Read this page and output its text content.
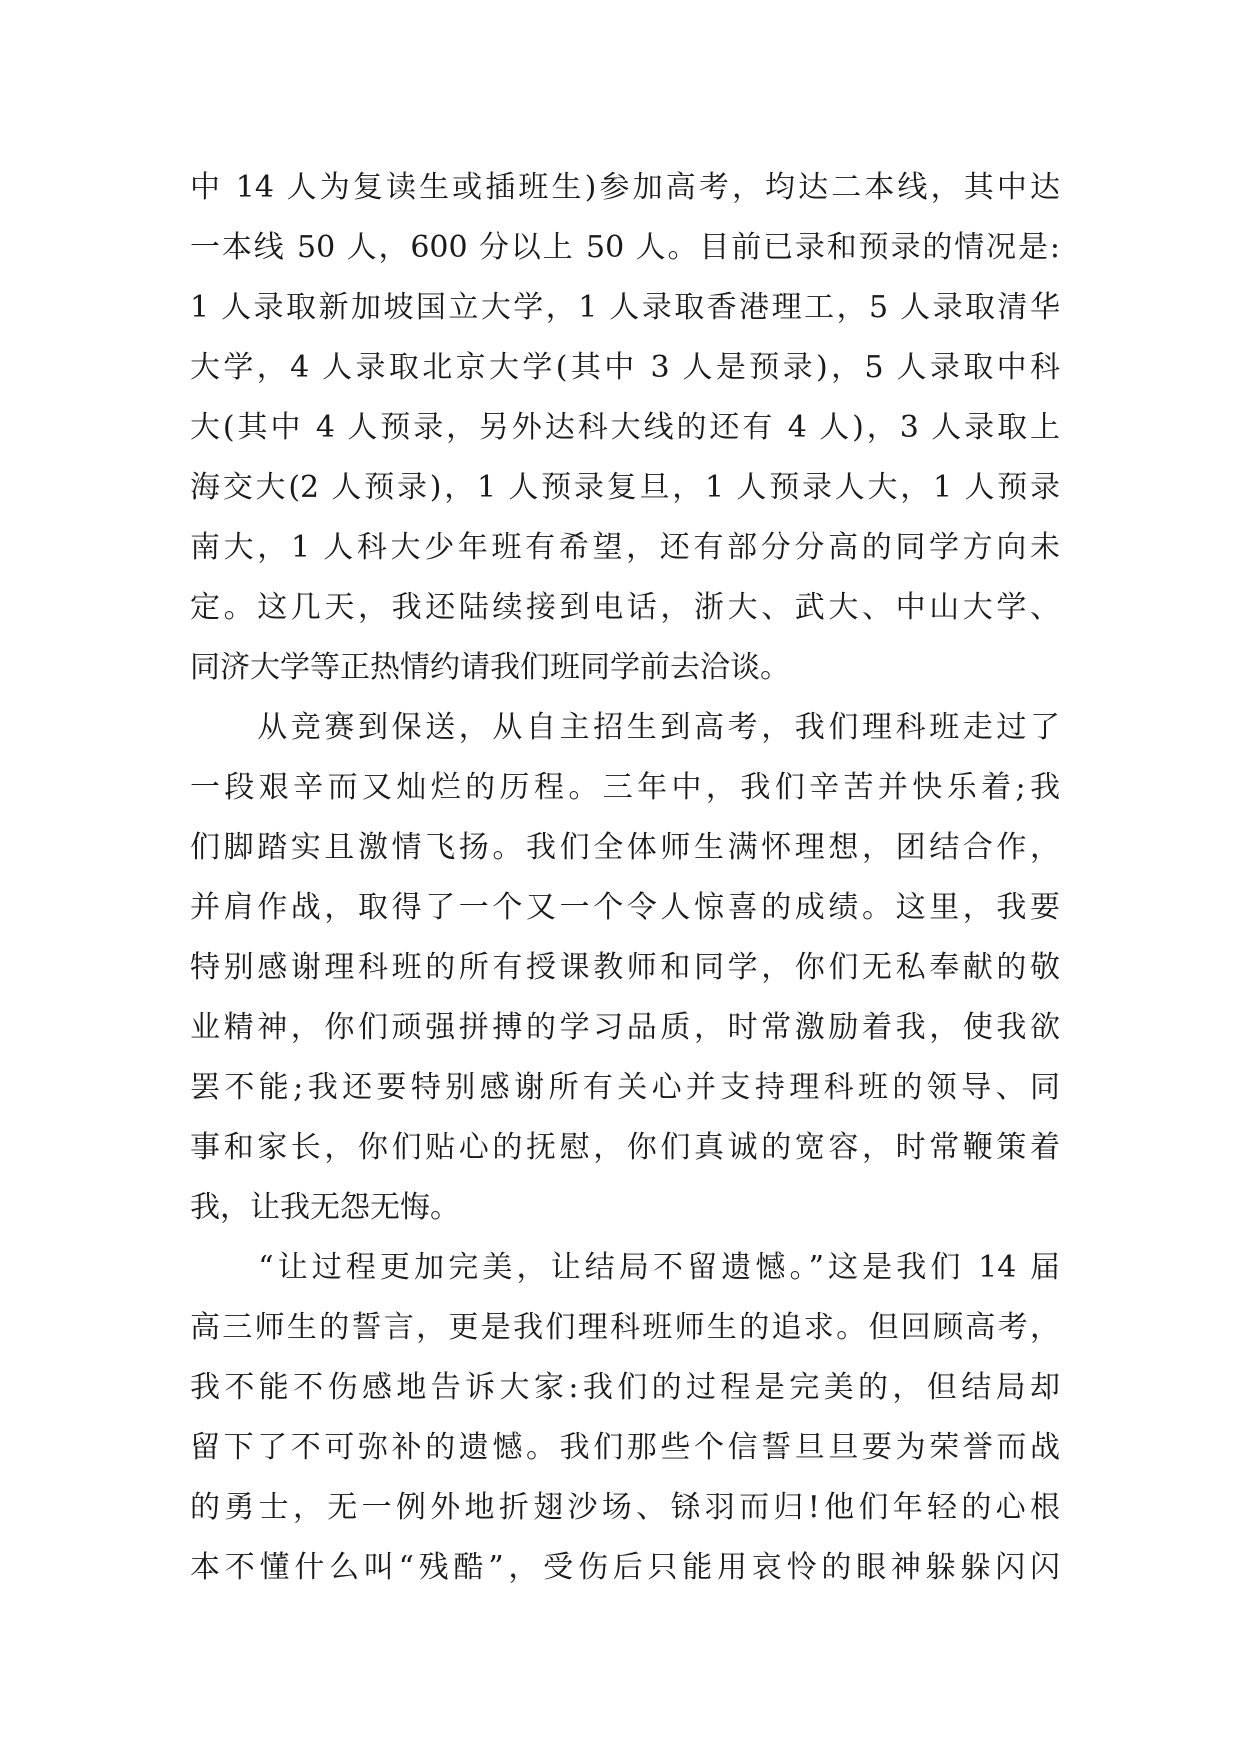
中 14 人为复读生或插班生)参加高考，均达二本线，其中达
一本线 50 人，600 分以上 50 人。目前已录和预录的情况是:
1 人录取新加坡国立大学，1 人录取香港理工，5 人录取清华
大学，4 人录取北京大学(其中 3 人是预录)，5 人录取中科
大(其中 4 人预录，另外达科大线的还有 4 人)，3 人录取上
海交大(2 人预录)，1 人预录复旦，1 人预录人大，1 人预录
南大，1 人科大少年班有希望，还有部分分高的同学方向未
定。这几天，我还陆续接到电话，浙大、武大、中山大学、
同济大学等正热情约请我们班同学前去洽谈。
　　从竞赛到保送，从自主招生到高考，我们理科班走过了
一段艰辛而又灿烂的历程。三年中，我们辛苦并快乐着;我
们脚踏实且激情飞扬。我们全体师生满怀理想，团结合作，
并肩作战，取得了一个又一个令人惊喜的成绩。这里，我要
特别感谢理科班的所有授课教师和同学，你们无私奉献的敬
业精神，你们顽强拼搏的学习品质，时常激励着我，使我欲
罢不能;我还要特别感谢所有关心并支持理科班的领导、同
事和家长，你们贴心的抚慰，你们真诚的宽容，时常鞭策着
我，让我无怨无悔。
　　“让过程更加完美，让结局不留遗憾。”这是我们 14 届
高三师生的誓言，更是我们理科班师生的追求。但回顾高考，
我不能不伤感地告诉大家:我们的过程是完美的，但结局却
留下了不可弥补的遗憾。我们那些个信誓旦旦要为荣誉而战
的勇士，无一例外地折翅沙场、铩羽而归!他们年轻的心根
本不懂什么叫“残酷”，受伤后只能用哀怜的眼神躲躲闪闪
